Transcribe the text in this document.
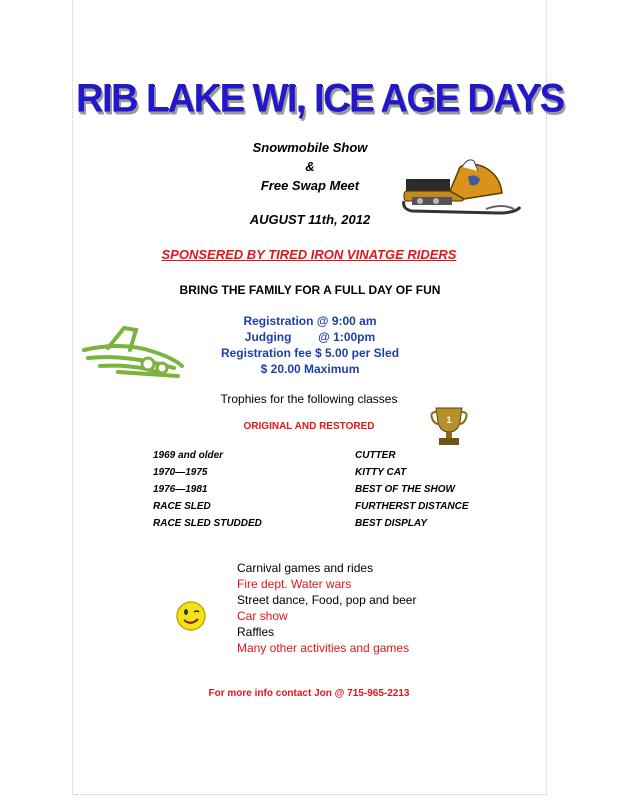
RIB LAKE WI, ICE AGE DAYS
Snowmobile Show
&
Free Swap Meet
AUGUST 11th, 2012
SPONSERED BY TIRED IRON VINATGE RIDERS
BRING THE FAMILY FOR A FULL DAY OF FUN
Registration @ 9:00 am
Judging        @ 1:00pm
Registration fee $ 5.00 per Sled
$ 20.00 Maximum
Trophies for the following classes
ORIGINAL AND RESTORED
1
1969 and older
1970—1975
1976—1981
RACE SLED
RACE SLED STUDDED
CUTTER
KITTY CAT
BEST OF THE SHOW
FURTHERST DISTANCE
BEST DISPLAY
Carnival games and rides
Fire dept. Water wars
Street dance, Food, pop and beer
Car show
Raffles
Many other activities and games
For more info contact Jon @ 715-965-2213
